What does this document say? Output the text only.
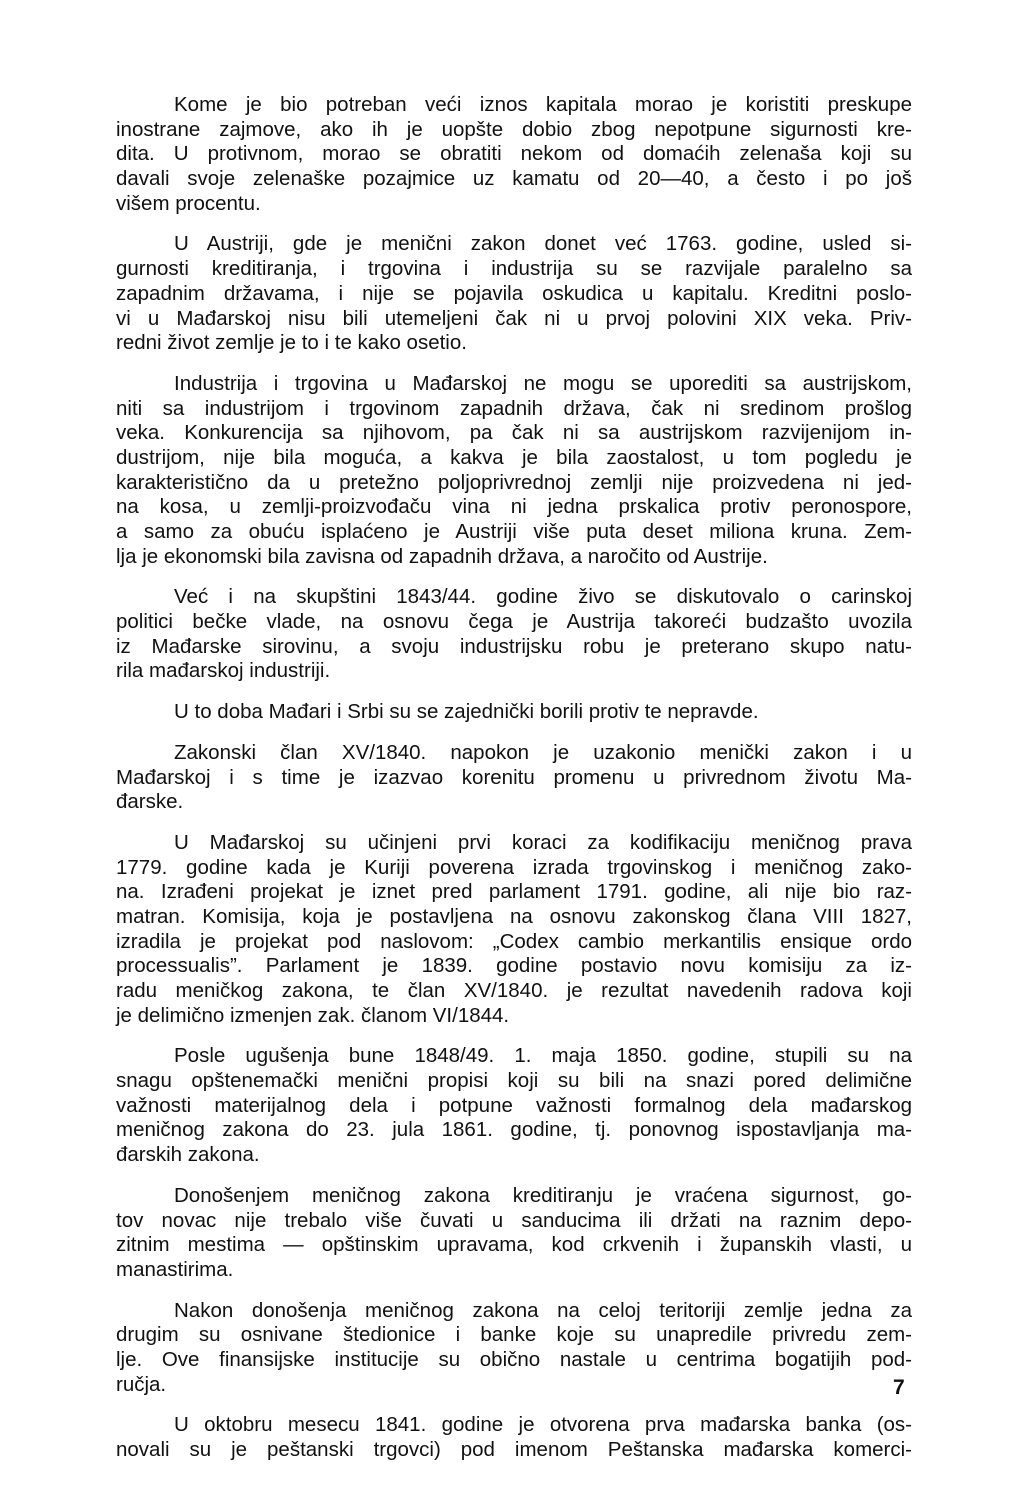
Kome je bio potreban veći iznos kapitala morao je koristiti preskupe
inostrane zajmove, ako ih je uopšte dobio zbog nepotpune sigurnosti kre-
dita. U protivnom, morao se obratiti nekom od domaćih zelenaša koji su
davali svoje zelenaške pozajmice uz kamatu od 20—40, a često i po još
višem procentu.
U Austriji, gde je menični zakon donet već 1763. godine, usled si-
gurnosti kreditiranja, i trgovina i industrija su se razvijale paralelno sa
zapadnim državama, i nije se pojavila oskudica u kapitalu. Kreditni poslo-
vi u Mađarskoj nisu bili utemeljeni čak ni u prvoj polovini XIX veka. Priv-
redni život zemlje je to i te kako osetio.
Industrija i trgovina u Mađarskoj ne mogu se uporediti sa austrijskom,
niti sa industrijom i trgovinom zapadnih država, čak ni sredinom prošlog
veka. Konkurencija sa njihovom, pa čak ni sa austrijskom razvijenijom in-
dustrijom, nije bila moguća, a kakva je bila zaostalost, u tom pogledu je
karakteristično da u pretežno poljoprivrednoj zemlji nije proizvedena ni jed-
na kosa, u zemlji-proizvođaču vina ni jedna prskalica protiv peronospore,
a samo za obuću isplaćeno je Austriji više puta deset miliona kruna. Zem-
lja je ekonomski bila zavisna od zapadnih država, a naročito od Austrije.
Već i na skupštini 1843/44. godine živo se diskutovalo o carinskoj
politici bečke vlade, na osnovu čega je Austrija takoreći budzašto uvozila
iz Mađarske sirovinu, a svoju industrijsku robu je preterano skupo natu-
rila mađarskoj industriji.
U to doba Mađari i Srbi su se zajednički borili protiv te nepravde.
Zakonski član XV/1840. napokon je uzakonio menički zakon i u
Mađarskoj i s time je izazvao korenitu promenu u privrednom životu Ma-
đarske.
U Mađarskoj su učinjeni prvi koraci za kodifikaciju meničnog prava
1779. godine kada je Kuriji poverena izrada trgovinskog i meničnog zako-
na. Izrađeni projekat je iznet pred parlament 1791. godine, ali nije bio raz-
matran. Komisija, koja je postavljena na osnovu zakonskog člana VIII 1827,
izradila je projekat pod naslovom: „Codex cambio merkantilis ensique ordo
processualis”. Parlament je 1839. godine postavio novu komisiju za iz-
radu meničkog zakona, te član XV/1840. je rezultat navedenih radova koji
je delimično izmenjen zak. članom VI/1844.
Posle ugušenja bune 1848/49. 1. maja 1850. godine, stupili su na
snagu opštenemački menični propisi koji su bili na snazi pored delimične
važnosti materijalnog dela i potpune važnosti formalnog dela mađarskog
meničnog zakona do 23. jula 1861. godine, tj. ponovnog ispostavljanja ma-
đarskih zakona.
Donošenjem meničnog zakona kreditiranju je vraćena sigurnost, go-
tov novac nije trebalo više čuvati u sanducima ili držati na raznim depo-
zitnim mestima — opštinskim upravama, kod crkvenih i županskih vlasti, u
manastirima.
Nakon donošenja meničnog zakona na celoj teritoriji zemlje jedna za
drugim su osnivane štedionice i banke koje su unapredile privredu zem-
lje. Ove finansijske institucije su obično nastale u centrima bogatijih pod-
ručja.
U oktobru mesecu 1841. godine je otvorena prva mađarska banka (os-
novali su je peštanski trgovci) pod imenom Peštanska mađarska komerci-
7
